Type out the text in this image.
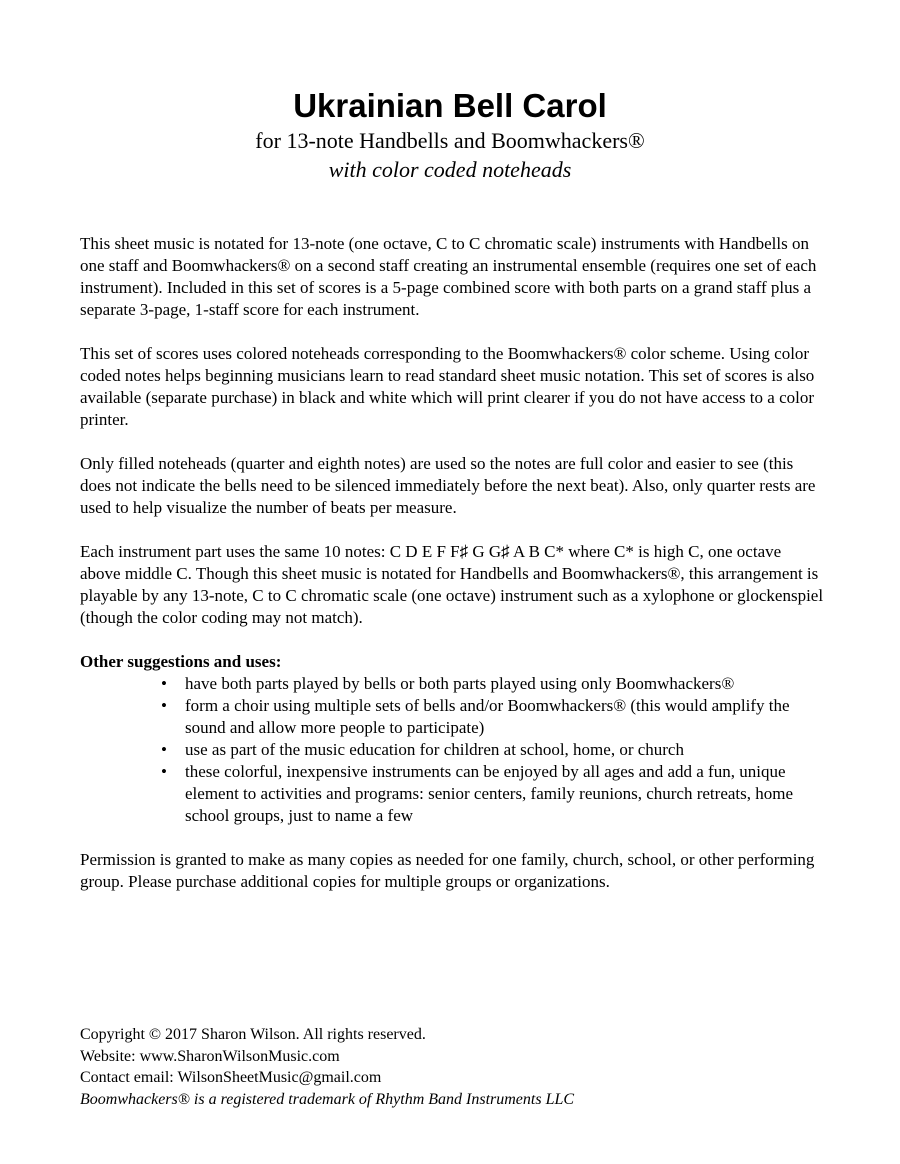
Ukrainian Bell Carol
for 13-note Handbells and Boomwhackers®
with color coded noteheads

This sheet music is notated for 13-note (one octave, C to C chromatic scale) instruments with Handbells on one staff and Boomwhackers® on a second staff creating an instrumental ensemble (requires one set of each instrument). Included in this set of scores is a 5-page combined score with both parts on a grand staff plus a separate 3-page, 1-staff score for each instrument.

This set of scores uses colored noteheads corresponding to the Boomwhackers® color scheme. Using color coded notes helps beginning musicians learn to read standard sheet music notation. This set of scores is also available (separate purchase) in black and white which will print clearer if you do not have access to a color printer.

Only filled noteheads (quarter and eighth notes) are used so the notes are full color and easier to see (this does not indicate the bells need to be silenced immediately before the next beat). Also, only quarter rests are used to help visualize the number of beats per measure.

Each instrument part uses the same 10 notes: C D E F F♯ G G♯ A B C* where C* is high C, one octave above middle C. Though this sheet music is notated for Handbells and Boomwhackers®, this arrangement is playable by any 13-note, C to C chromatic scale (one octave) instrument such as a xylophone or glockenspiel (though the color coding may not match).

Other suggestions and uses:
• have both parts played by bells or both parts played using only Boomwhackers®
• form a choir using multiple sets of bells and/or Boomwhackers® (this would amplify the sound and allow more people to participate)
• use as part of the music education for children at school, home, or church
• these colorful, inexpensive instruments can be enjoyed by all ages and add a fun, unique element to activities and programs: senior centers, family reunions, church retreats, home school groups, just to name a few

Permission is granted to make as many copies as needed for one family, church, school, or other performing group. Please purchase additional copies for multiple groups or organizations.

Copyright © 2017 Sharon Wilson. All rights reserved.
Website: www.SharonWilsonMusic.com
Contact email: WilsonSheetMusic@gmail.com
Boomwhackers® is a registered trademark of Rhythm Band Instruments LLC
